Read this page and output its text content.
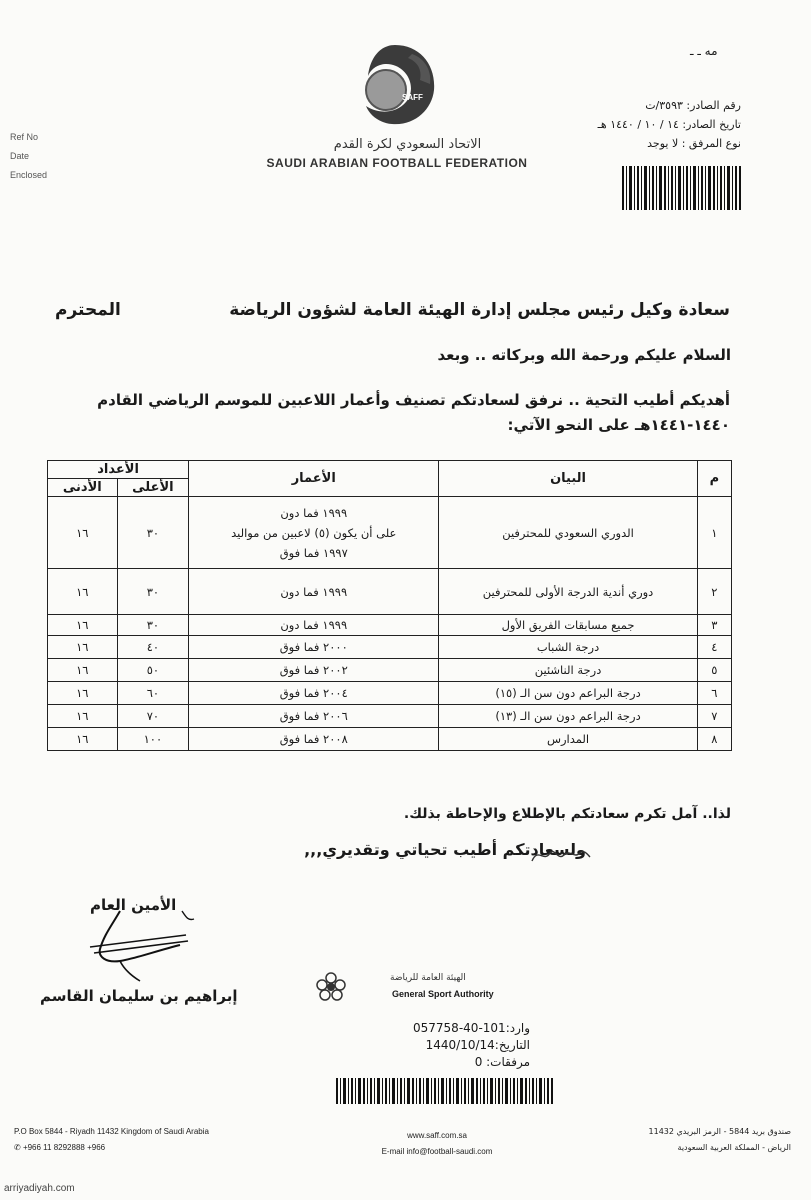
مه ـ ـ
Ref No
Date
Enclosed
SAFF
الاتحاد السعودي لكرة القدم
SAUDI ARABIAN FOOTBALL FEDERATION
رقم الصادر: ٣٥٩٣/ت
تاريخ الصادر: ١٤ / ١٠ / ١٤٤٠ هـ
نوع المرفق : لا يوجد
سعادة وكيل رئيس مجلس إدارة الهيئة العامة لشؤون الرياضة
المحترم
السلام عليكم ورحمة الله وبركاته .. وبعد
أهديكم أطيب التحية .. نرفق لسعادتكم تصنيف وأعمار اللاعبين للموسم الرياضي القادم ١٤٤٠-١٤٤١هـ على النحو الآتي:
م	البيان	الأعمار	الأعداد	
			الأعلى	الأدنى
١	الدوري السعودي للمحترفين	١٩٩٩ فما دون
على أن يكون (٥) لاعبين من مواليد
١٩٩٧ فما فوق	٣٠	١٦
٢	دوري أندية الدرجة الأولى للمحترفين	١٩٩٩ فما دون	٣٠	١٦
٣	جميع مسابقات الفريق الأول	١٩٩٩ فما دون	٣٠	١٦
٤	درجة الشباب	٢٠٠٠ فما فوق	٤٠	١٦
٥	درجة الناشئين	٢٠٠٢ فما فوق	٥٠	١٦
٦	درجة البراعم دون سن الـ (١٥)	٢٠٠٤ فما فوق	٦٠	١٦
٧	درجة البراعم دون سن الـ (١٣)	٢٠٠٦ فما فوق	٧٠	١٦
٨	المدارس	٢٠٠٨ فما فوق	١٠٠	١٦
لذا.. آمل تكرم سعادتكم بالإطلاع والإحاطة بذلك.
ولسعادتكم أطيب تحياتي وتقديري,,,
الأمين العام
إبراهيم بن سليمان القاسم
الهيئة العامة للرياضة
General Sport Authority
وارد:101-40-057758
التاريخ:1440/10/14
مرفقات: 0
P.O Box 5844 - Riyadh 11432 Kingdom of Saudi Arabia
✆ +966 11 8292888 +966
www.saff.com.sa
E-mail info@football-saudi.com
صندوق بريد 5844 - الرمز البريدي 11432
الرياض - المملكة العربية السعودية
arriyadiyah.com
